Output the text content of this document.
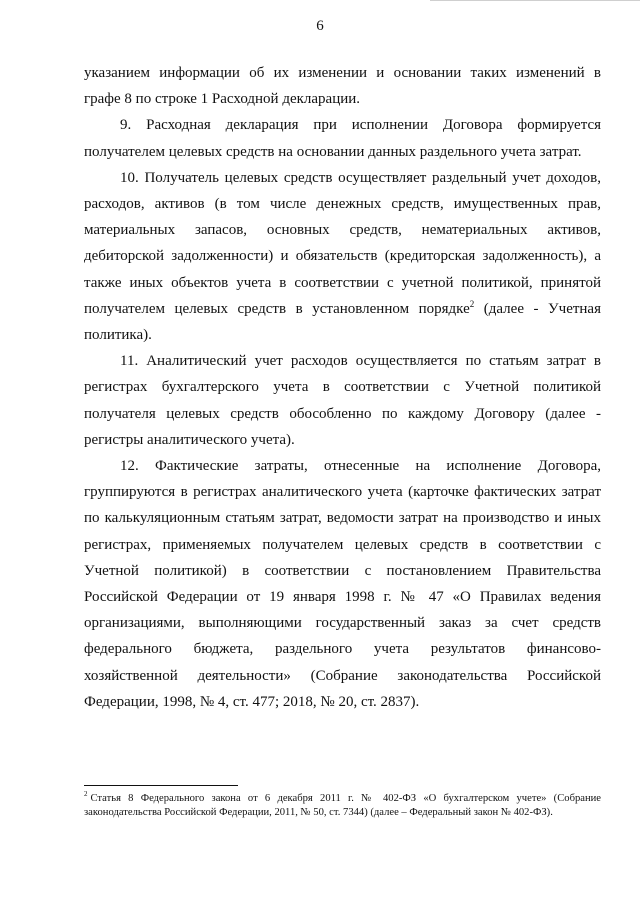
6

указанием информации об их изменении и основании таких изменений в
графе 8 по строке 1 Расходной декларации.

9. Расходная декларация при исполнении Договора формируется
получателем целевых средств на основании данных раздельного учета затрат.

10. Получатель целевых средств осуществляет раздельный учет доходов,
расходов, активов (в том числе денежных средств, имущественных прав,
материальных запасов, основных средств, нематериальных активов,
дебиторской задолженности) и обязательств (кредиторская задолженность), а
также иных объектов учета в соответствии с учетной политикой, принятой
получателем целевых средств в установленном порядке$^2$ (далее - Учетная
политика).

11. Аналитический учет расходов осуществляется по статьям затрат в
регистрах бухгалтерского учета в соответствии с Учетной политикой
получателя целевых средств обособленно по каждому Договору (далее -
регистры аналитического учета).

12. Фактические затраты, отнесенные на исполнение Договора,
группируются в регистрах аналитического учета (карточке фактических затрат
по калькуляционным статьям затрат, ведомости затрат на производство и иных
регистрах, применяемых получателем целевых средств в соответствии с
Учетной политикой) в соответствии с постановлением Правительства
Российской Федерации от 19 января 1998 г. № 47 «О Правилах ведения
организациями, выполняющими государственный заказ за счет средств
федерального бюджета, раздельного учета результатов финансово-
хозяйственной деятельности» (Собрание законодательства Российской
Федерации, 1998, № 4, ст. 477; 2018, № 20, ст. 2837).

$^2$ Статья 8 Федерального закона от 6 декабря 2011 г. № 402-ФЗ «О бухгалтерском учете» (Собрание законодательства Российской Федерации, 2011, № 50, ст. 7344) (далее – Федеральный закон № 402-ФЗ).
